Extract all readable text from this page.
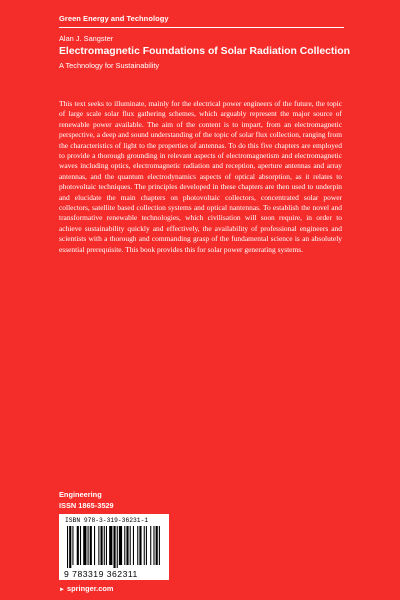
Green Energy and Technology
Alan J. Sangster
Electromagnetic Foundations of Solar Radiation Collection
A Technology for Sustainability

This text seeks to illuminate, mainly for the electrical power engineers of the future, the topic of large scale solar flux gathering schemes, which arguably represent the major source of renewable power available. The aim of the content is to impart, from an electromagnetic perspective, a deep and sound understanding of the topic of solar flux collection, ranging from the characteristics of light to the properties of antennas. To do this five chapters are employed to provide a thorough grounding in relevant aspects of electromagnetism and electromagnetic waves including optics, electromagnetic radiation and reception, aperture antennas and array antennas, and the quantum electrodynamics aspects of optical absorption, as it relates to photovoltaic techniques. The principles developed in these chapters are then used to underpin and elucidate the main chapters on photovoltaic collectors, concentrated solar power collectors, satellite based collection systems and optical nantennas. To establish the novel and transformative renewable technologies, which civilisation will soon require, in order to achieve sustainability quickly and effectively, the availability of professional engineers and scientists with a thorough and commanding grasp of the fundamental science is an absolutely essential prerequisite. This book provides this for solar power generating systems.

Engineering
ISSN 1865-3529
ISBN 978-3-319-36231-1
9 783319 362311
► springer.com
